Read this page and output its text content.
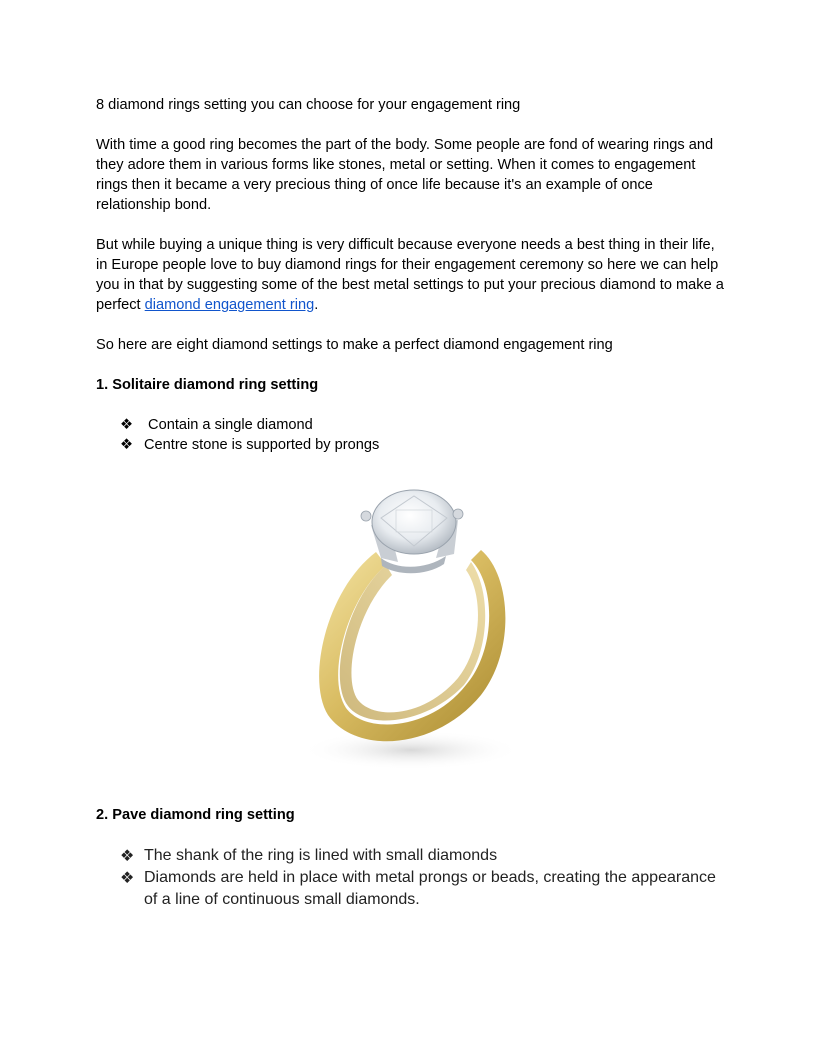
8 diamond rings setting you can choose for your engagement ring

With time a good ring becomes the part of the body. Some people are fond of wearing rings and they adore them in various forms like stones, metal or setting. When it comes to engagement rings then it became a very precious thing of once life because it's an example of once relationship bond.

But while buying a unique thing is very difficult because everyone needs a best thing in their life, in Europe people love to buy diamond rings for their engagement ceremony so here we can help you in that by suggesting some of the best metal settings to put your precious diamond to make a perfect diamond engagement ring.

So here are eight diamond settings to make a perfect diamond engagement ring

1. Solitaire diamond ring setting

❖ Contain a single diamond
❖ Centre stone is supported by prongs

2. Pave diamond ring setting

❖ The shank of the ring is lined with small diamonds
❖ Diamonds are held in place with metal prongs or beads, creating the appearance of a line of continuous small diamonds.
